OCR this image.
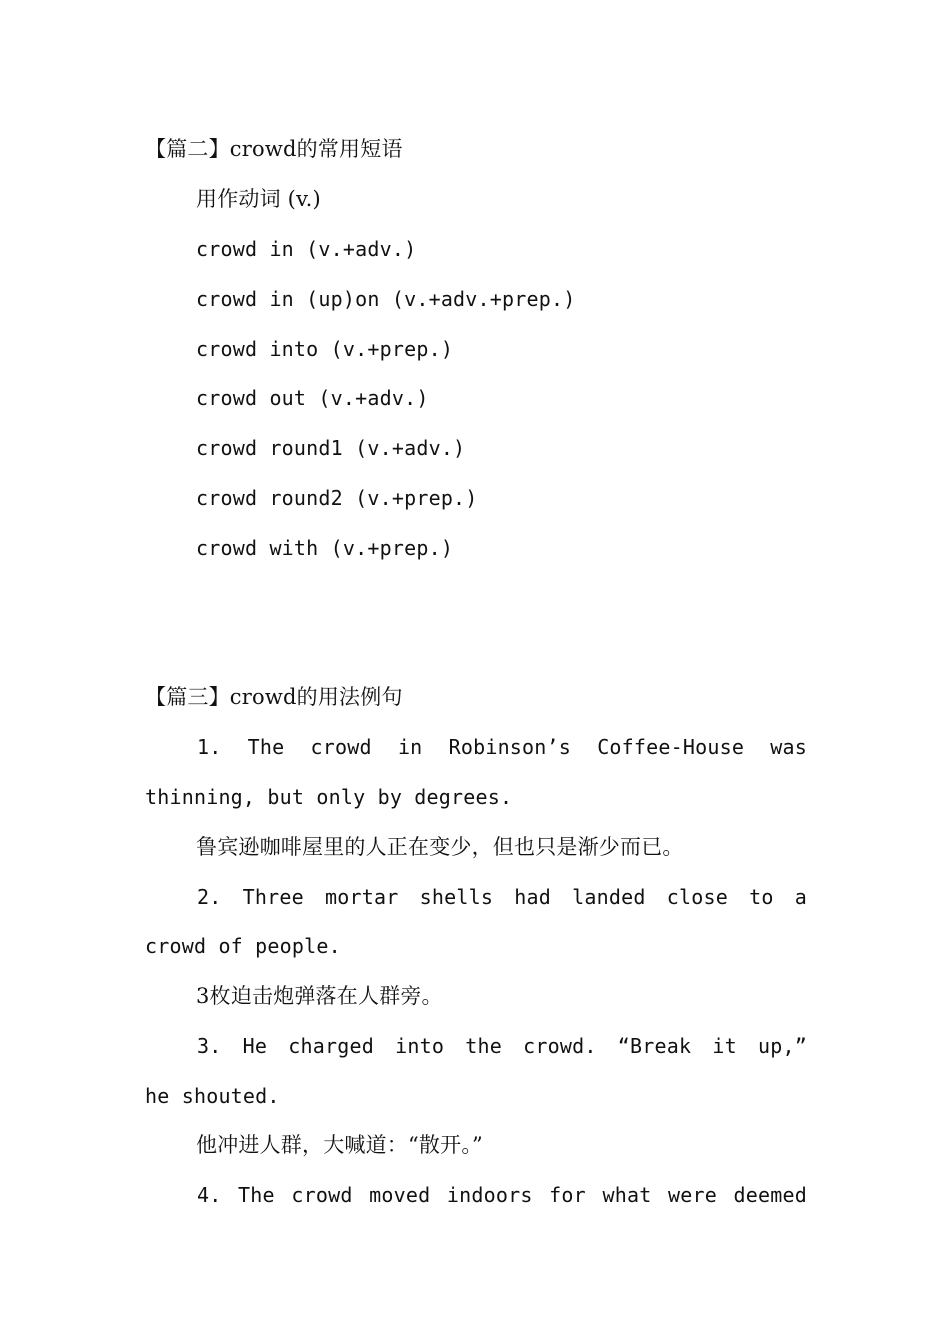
【篇二】crowd的常用短语
用作动词 (v.)
crowd in (v.+adv.)
crowd in (up)on (v.+adv.+prep.)
crowd into (v.+prep.)
crowd out (v.+adv.)
crowd round1 (v.+adv.)
crowd round2 (v.+prep.)
crowd with (v.+prep.)
【篇三】crowd的用法例句
1. The crowd in Robinson’s Coffee-House was
thinning, but only by degrees.
鲁宾逊咖啡屋里的人正在变少，但也只是渐少而已。
2. Three mortar shells had landed close to a
crowd of people.
3枚迫击炮弹落在人群旁。
3. He charged into the crowd. “Break it up,”
he shouted.
他冲进人群，大喊道：“散开。”
4. The crowd moved indoors for what were deemed
